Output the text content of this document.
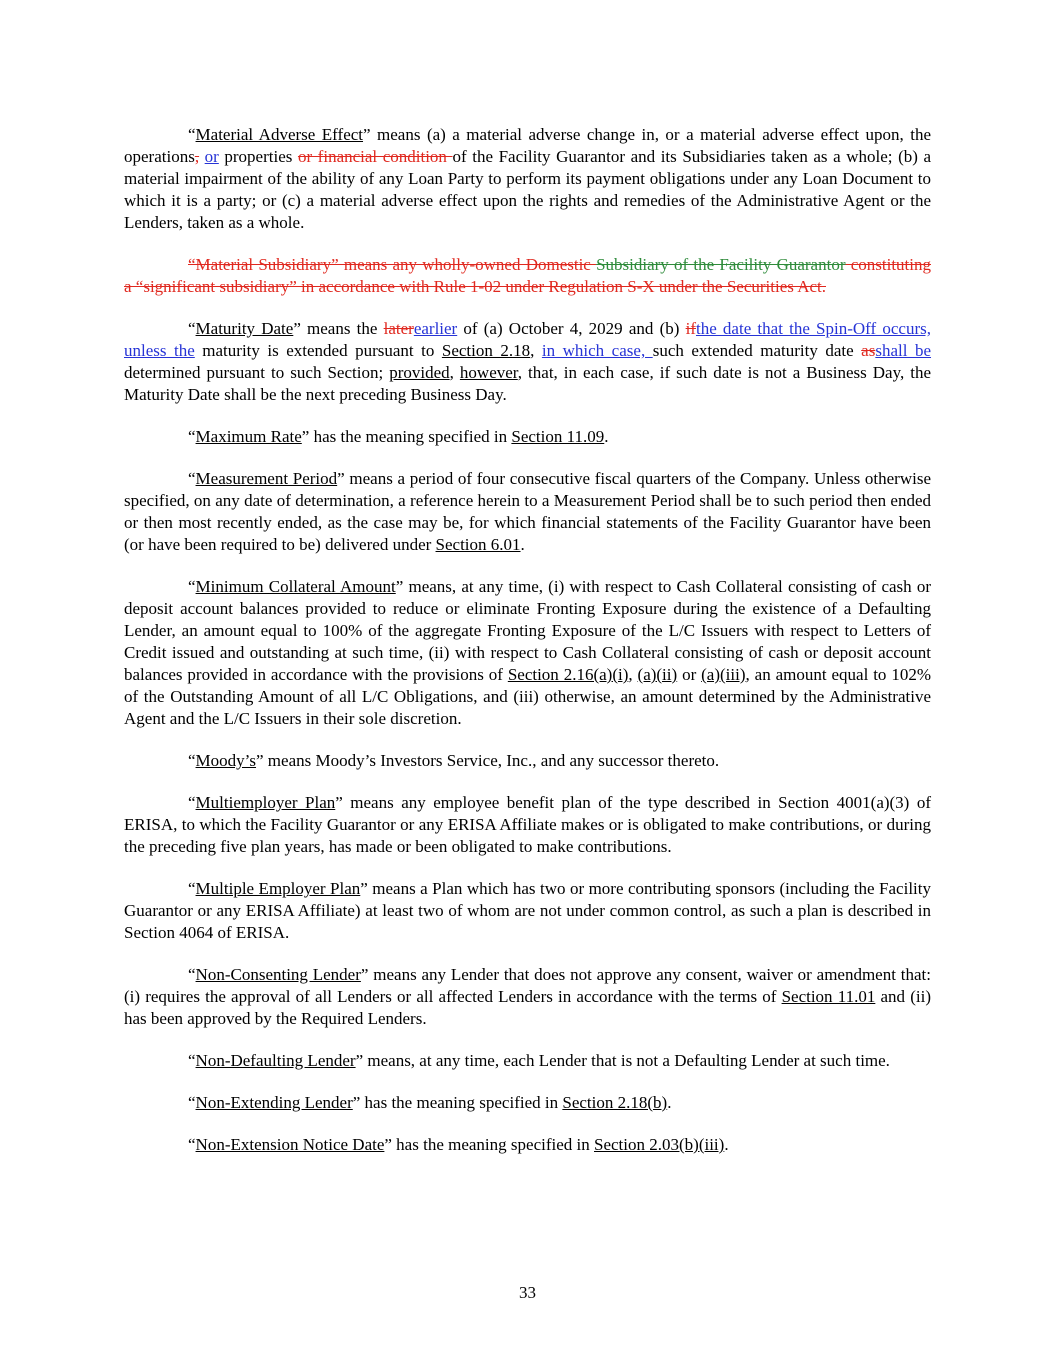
“Material Adverse Effect” means (a) a material adverse change in, or a material adverse effect upon, the operations, or properties or financial condition of the Facility Guarantor and its Subsidiaries taken as a whole; (b) a material impairment of the ability of any Loan Party to perform its payment obligations under any Loan Document to which it is a party; or (c) a material adverse effect upon the rights and remedies of the Administrative Agent or the Lenders, taken as a whole.

“Material Subsidiary” means any wholly-owned Domestic Subsidiary of the Facility Guarantor constituting a “significant subsidiary” in accordance with Rule 1-02 under Regulation S-X under the Securities Act.

“Maturity Date” means the laterearlier of (a) October 4, 2029 and (b) ifthe date that the Spin-Off occurs, unless the maturity is extended pursuant to Section 2.18, in which case, such extended maturity date asshall be determined pursuant to such Section; provided, however, that, in each case, if such date is not a Business Day, the Maturity Date shall be the next preceding Business Day.

“Maximum Rate” has the meaning specified in Section 11.09.

“Measurement Period” means a period of four consecutive fiscal quarters of the Company. Unless otherwise specified, on any date of determination, a reference herein to a Measurement Period shall be to such period then ended or then most recently ended, as the case may be, for which financial statements of the Facility Guarantor have been (or have been required to be) delivered under Section 6.01.

“Minimum Collateral Amount” means, at any time, (i) with respect to Cash Collateral consisting of cash or deposit account balances provided to reduce or eliminate Fronting Exposure during the existence of a Defaulting Lender, an amount equal to 100% of the aggregate Fronting Exposure of the L/C Issuers with respect to Letters of Credit issued and outstanding at such time, (ii) with respect to Cash Collateral consisting of cash or deposit account balances provided in accordance with the provisions of Section 2.16(a)(i), (a)(ii) or (a)(iii), an amount equal to 102% of the Outstanding Amount of all L/C Obligations, and (iii) otherwise, an amount determined by the Administrative Agent and the L/C Issuers in their sole discretion.

“Moody’s” means Moody’s Investors Service, Inc., and any successor thereto.

“Multiemployer Plan” means any employee benefit plan of the type described in Section 4001(a)(3) of ERISA, to which the Facility Guarantor or any ERISA Affiliate makes or is obligated to make contributions, or during the preceding five plan years, has made or been obligated to make contributions.

“Multiple Employer Plan” means a Plan which has two or more contributing sponsors (including the Facility Guarantor or any ERISA Affiliate) at least two of whom are not under common control, as such a plan is described in Section 4064 of ERISA.

“Non-Consenting Lender” means any Lender that does not approve any consent, waiver or amendment that: (i) requires the approval of all Lenders or all affected Lenders in accordance with the terms of Section 11.01 and (ii) has been approved by the Required Lenders.

“Non-Defaulting Lender” means, at any time, each Lender that is not a Defaulting Lender at such time.

“Non-Extending Lender” has the meaning specified in Section 2.18(b).

“Non-Extension Notice Date” has the meaning specified in Section 2.03(b)(iii).

33
